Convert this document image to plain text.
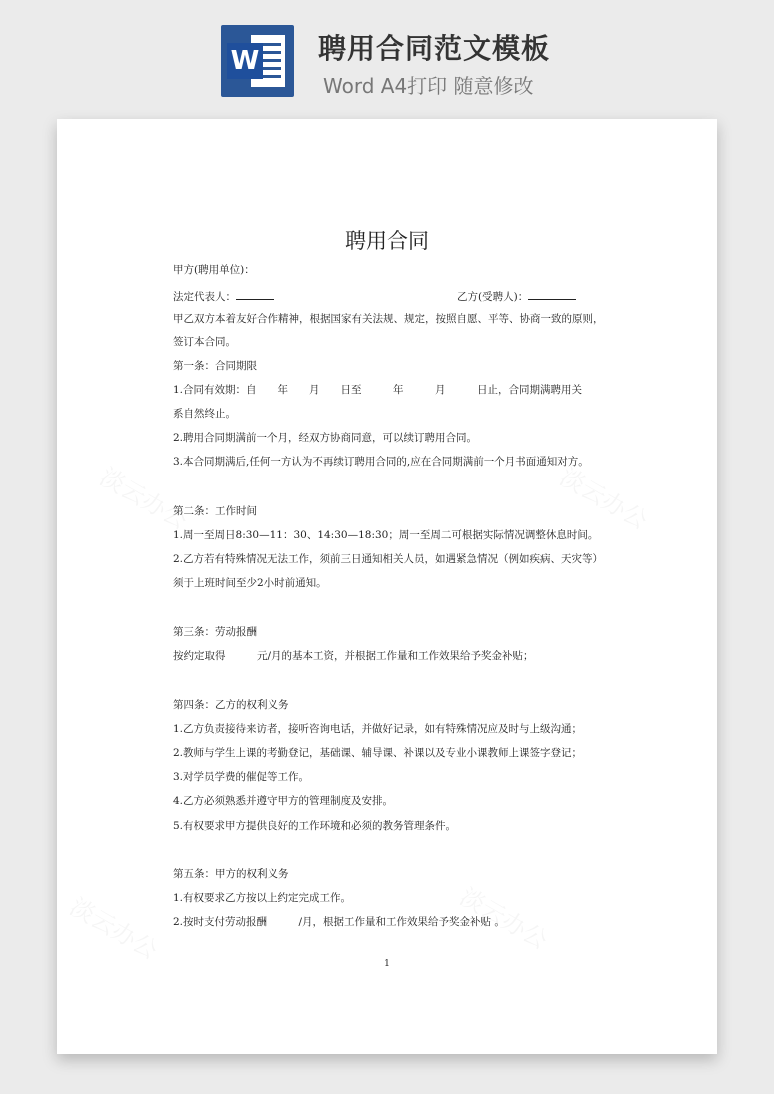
W 聘用合同范文模板
Word A4打印 随意修改
聘用合同
甲方(聘用单位)：
法定代表人：	乙方(受聘人)：
甲乙双方本着友好合作精神，根据国家有关法规、规定，按照自愿、平等、协商一致的原则，
签订本合同。
第一条：合同期限
1.合同有效期：自　　年　　月　　日至　　　年　　　月　　　日止，合同期满聘用关
系自然终止。
2.聘用合同期满前一个月，经双方协商同意，可以续订聘用合同。
3.本合同期满后,任何一方认为不再续订聘用合同的,应在合同期满前一个月书面通知对方。
第二条：工作时间
1.周一至周日8:30—11：30、14:30—18:30；周一至周二可根据实际情况调整休息时间。
2.乙方若有特殊情况无法工作，须前三日通知相关人员，如遇紧急情况（例如疾病、天灾等）
须于上班时间至少2小时前通知。
第三条：劳动报酬
按约定取得　　　元/月的基本工资，并根据工作量和工作效果给予奖金补贴；
第四条：乙方的权利义务
1.乙方负责接待来访者，接听咨询电话，并做好记录，如有特殊情况应及时与上级沟通；
2.教师与学生上课的考勤登记，基础课、辅导课、补课以及专业小课教师上课签字登记；
3.对学员学费的催促等工作。
4.乙方必须熟悉并遵守甲方的管理制度及安排。
5.有权要求甲方提供良好的工作环境和必须的教务管理条件。
第五条：甲方的权利义务
1.有权要求乙方按以上约定完成工作。
2.按时支付劳动报酬　　　/月，根据工作量和工作效果给予奖金补贴 。
1
